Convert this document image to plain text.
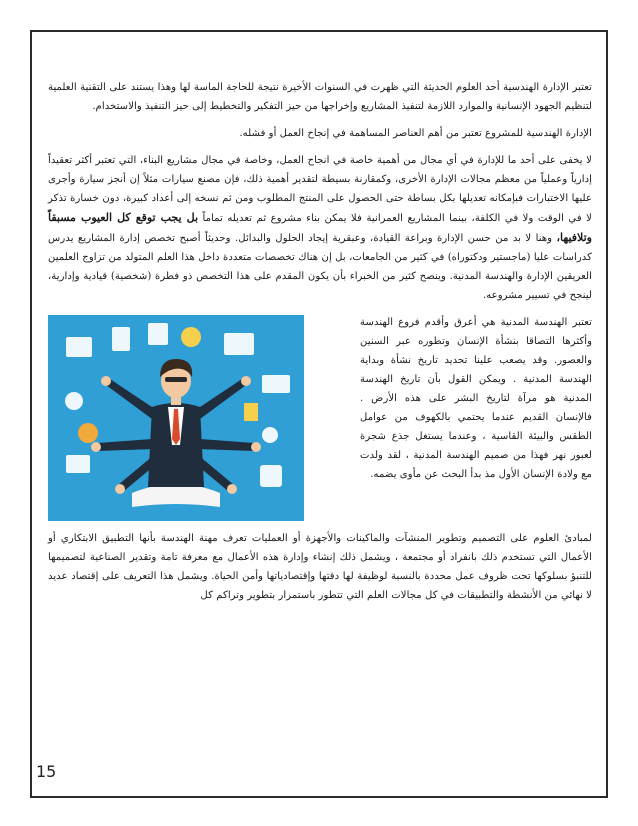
تعتبر الإدارة الهندسية أحد العلوم الحديثة التي ظهرت في السنوات الأخيرة نتيجة للحاجة الماسة لها وهذا يستند على التقنية العلمية لتنظيم الجهود الإنسانية والموارد اللازمة لتنفيذ المشاريع وإخراجها من حيز التفكير والتخطيط إلى حيز التنفيذ والاستخدام.

الإدارة الهندسية للمشروع تعتبر من أهم العناصر المساهمة في إنجاح العمل أو فشله.

لا يخفى على أحد ما للإدارة في أي مجال من أهمية خاصة في انجاح العمل، وخاصة في مجال مشاريع البناء، التي تعتبر أكثر تعقيداً إدارياً وعملياً من معظم مجالات الإدارة الأخرى، وكمقارنة بسيطة لتقدير أهمية ذلك، فإن مصنع سيارات مثلاً إن أنجز سيارة وأجرى عليها الاختبارات فبإمكانه تعديلها بكل بساطة حتى الحصول على المنتج المطلوب ومن ثم نسخه إلى أعداد كبيرة، دون خسارة تذكر لا في الوقت ولا في الكلفة، بينما المشاريع العمرانية فلا يمكن بناء مشروع ثم تعديله تماماً بل يجب توقع كل العيوب مسبقاً وتلافيها، وهنا لا بد من حسن الإدارة وبراعة القيادة، وعبقرية إيجاد الحلول والبدائل. وحديثاً أصبح تخصص إدارة المشاريع يدرس كدراسات عليا (ماجستير ودكتوراه) في كثير من الجامعات، بل إن هناك تخصصات متعددة داخل هذا العلم المتولد من تزاوج العلمين العريقين الإدارة والهندسة المدنية. وينصح كثير من الخبراء بأن يكون المقدم على هذا التخصص ذو فطرة (شخصية) قيادية وإدارية، لينجح في تسيير مشروعه.

تعتبر الهندسة المدنية هي أعرق وأقدم فروع الهندسة وأكثرها التصاقا بنشأة الإنسان وتطوره عبر السنين والعصور. وقد يصعب علينا تحديد تاريخ نشأة وبداية الهندسة المدنية . ويمكن القول بأن تاريخ الهندسة المدنية هو مرآة لتاريخ البشر على هذه الأرض . فالإنسان القديم عندما يحتمي بالكهوف من عوامل الطقس والبيئة القاسية ، وعندما يستغل جذع شجرة لعبور نهر فهذا من صميم الهندسة المدنية ، لقد ولدت مع ولادة الإنسان الأول مذ بدأ البحث عن مأوى يضمه.

لمبادئ العلوم على التصميم وتطوير المنشآت والماكينات والأجهزة أو العمليات تعرف مهنة الهندسة بأنها التطبيق الابتكاري أو الأعمال التي تستخدم ذلك بانفراد أو مجتمعة ، ويشمل ذلك إنشاء وإدارة هذه الأعمال مع معرفة تامة وتقدير الصناعية لتصميمها للتنبؤ بسلوكها تحت ظروف عمل محددة بالنسبة لوظيفة لها دقتها وإقتصادياتها وأمن الحياة. ويشمل هذا التعريف على إقتصاد عديد لا نهائي من الأنشطة والتطبيقات في كل مجالات العلم التي تتطور باستمرار بتطوير وتراكم كل

15
